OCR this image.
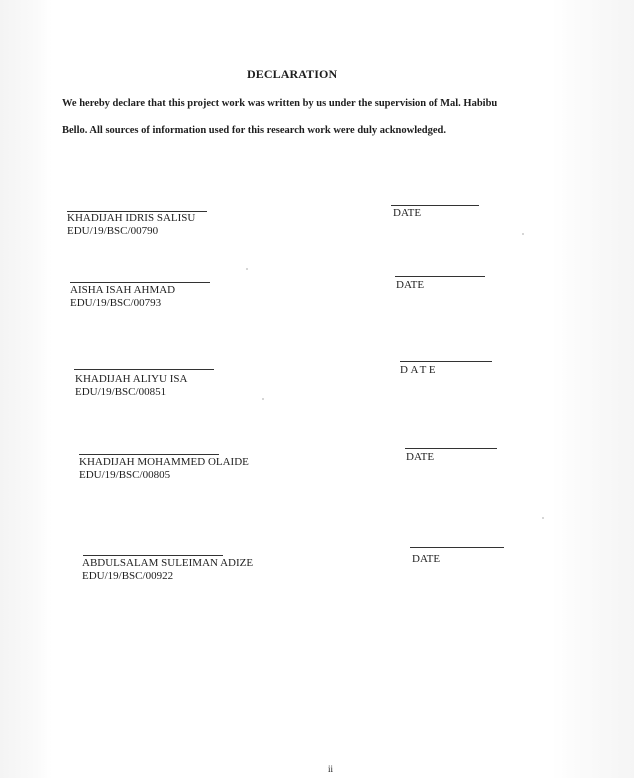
DECLARATION

We hereby declare that this project work was written by us under the supervision of Mal. Habibu

Bello. All sources of information used for this research work were duly acknowledged.

KHADIJAH IDRIS SALISU
EDU/19/BSC/00790
DATE
AISHA ISAH AHMAD
EDU/19/BSC/00793
DATE
KHADIJAH ALIYU ISA
EDU/19/BSC/00851
DATE
KHADIJAH MOHAMMED OLAIDE
EDU/19/BSC/00805
DATE
ABDULSALAM SULEIMAN ADIZE
EDU/19/BSC/00922
DATE
ii
